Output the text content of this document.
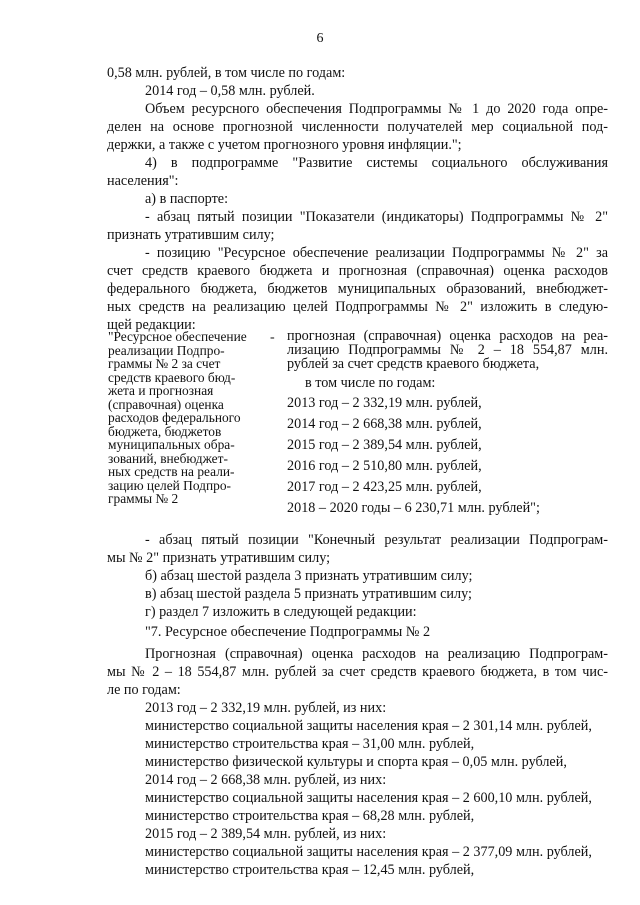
6
0,58 млн. рублей, в том числе по годам:
2014 год – 0,58 млн. рублей.
Объем ресурсного обеспечения Подпрограммы № 1 до 2020 года опре-
делен на основе прогнозной численности получателей мер социальной под-
держки, а также с учетом прогнозного уровня инфляции.";
4) в подпрограмме "Развитие системы социального обслуживания
населения":
а) в паспорте:
- абзац пятый позиции "Показатели (индикаторы) Подпрограммы № 2"
признать утратившим силу;
- позицию "Ресурсное обеспечение реализации Подпрограммы № 2" за
счет средств краевого бюджета и прогнозная (справочная) оценка расходов
федерального бюджета, бюджетов муниципальных образований, внебюджет-
ных средств на реализацию целей Подпрограммы № 2" изложить в следую-
щей редакции:
"Ресурсное обеспечение
реализации Подпро-
граммы № 2 за счет
средств краевого бюд-
жета и прогнозная
(справочная) оценка
расходов федерального
бюджета, бюджетов
муниципальных обра-
зований, внебюджет-
ных средств на реали-
зацию целей Подпро-
граммы № 2
- прогнозная (справочная) оценка расходов на реа-
лизацию Подпрограммы № 2 – 18 554,87 млн.
рублей за счет средств краевого бюджета,
в том числе по годам:
2013 год – 2 332,19 млн. рублей,
2014 год – 2 668,38 млн. рублей,
2015 год – 2 389,54 млн. рублей,
2016 год – 2 510,80 млн. рублей,
2017 год – 2 423,25 млн. рублей,
2018 – 2020 годы – 6 230,71 млн. рублей";
- абзац пятый позиции "Конечный результат реализации Подпрограм-
мы № 2" признать утратившим силу;
б) абзац шестой раздела 3 признать утратившим силу;
в) абзац шестой раздела 5 признать утратившим силу;
г) раздел 7 изложить в следующей редакции:
"7. Ресурсное обеспечение Подпрограммы № 2
Прогнозная (справочная) оценка расходов на реализацию Подпрограм-
мы № 2 – 18 554,87 млн. рублей за счет средств краевого бюджета, в том чис-
ле по годам:
2013 год – 2 332,19 млн. рублей, из них:
министерство социальной защиты населения края – 2 301,14 млн. рублей,
министерство строительства края – 31,00 млн. рублей,
министерство физической культуры и спорта края – 0,05 млн. рублей,
2014 год – 2 668,38 млн. рублей, из них:
министерство социальной защиты населения края – 2 600,10 млн. рублей,
министерство строительства края – 68,28 млн. рублей,
2015 год – 2 389,54 млн. рублей, из них:
министерство социальной защиты населения края – 2 377,09 млн. рублей,
министерство строительства края – 12,45 млн. рублей,
